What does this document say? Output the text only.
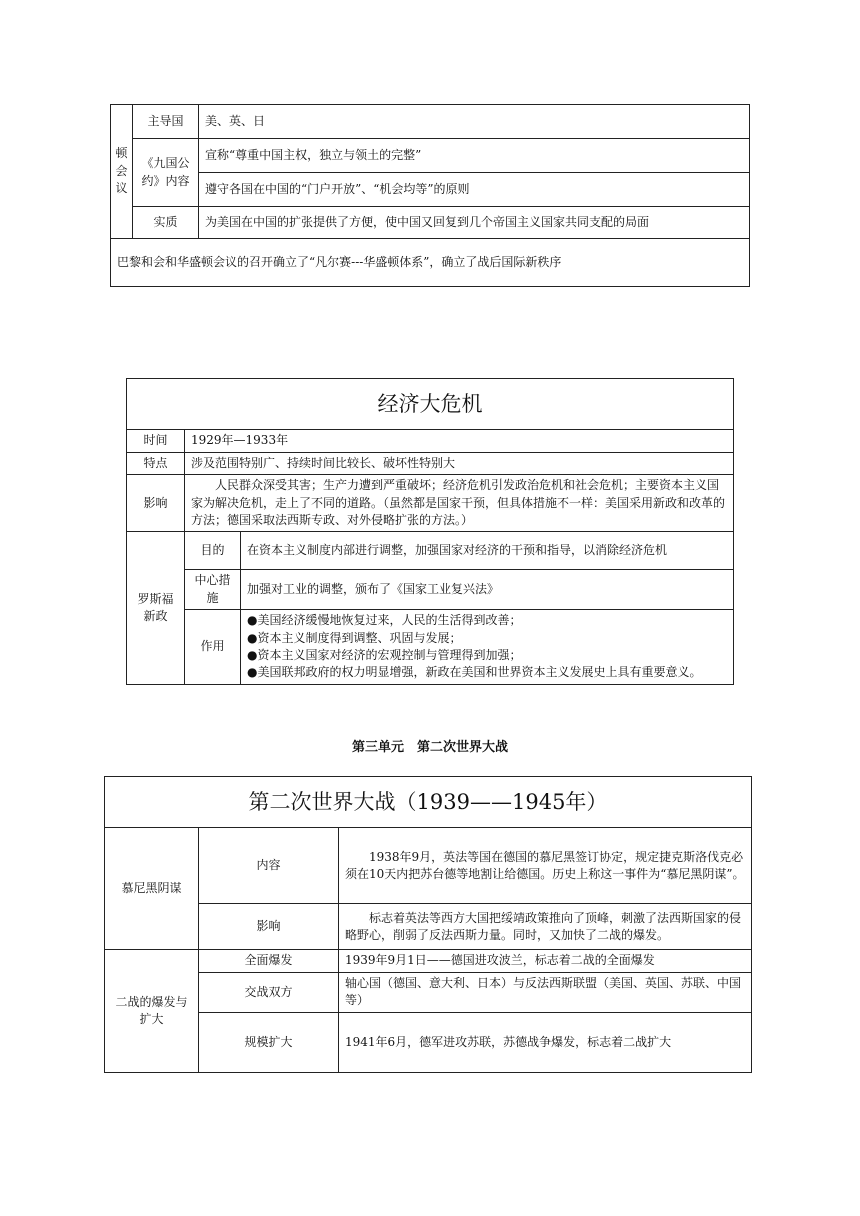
顿会议	主导国	美、英、日
	《九国公约》内容	宣称“尊重中国主权，独立与领土的完整”
		遵守各国在中国的“门户开放”、“机会均等”的原则
	实质	为美国在中国的扩张提供了方便，使中国又回复到几个帝国主义国家共同支配的局面
巴黎和会和华盛顿会议的召开确立了“凡尔赛---华盛顿体系”，确立了战后国际新秩序		
经济大危机		
时间	1929年—1933年	
特点	涉及范围特别广、持续时间比较长、破坏性特别大	
影响	人民群众深受其害；生产力遭到严重破坏；经济危机引发政治危机和社会危机；主要资本主义国家为解决危机，走上了不同的道路。（虽然都是国家干预，但具体措施不一样：美国采用新政和改革的方法；德国采取法西斯专政、对外侵略扩张的方法。）	
罗斯福新政	目的	在资本主义制度内部进行调整，加强国家对经济的干预和指导，以消除经济危机
	中心措施	加强对工业的调整，颁布了《国家工业复兴法》
	作用	●美国经济缓慢地恢复过来，人民的生活得到改善；
●资本主义制度得到调整、巩固与发展；
●资本主义国家对经济的宏观控制与管理得到加强；
●美国联邦政府的权力明显增强，新政在美国和世界资本主义发展史上具有重要意义。
第三单元　第二次世界大战
第二次世界大战（1939——1945年）		
慕尼黑阴谋	内容	1938年9月，英法等国在德国的慕尼黑签订协定，规定捷克斯洛伐克必须在10天内把苏台德等地割让给德国。历史上称这一事件为“慕尼黑阴谋”。
	影响	标志着英法等西方大国把绥靖政策推向了顶峰，刺激了法西斯国家的侵略野心，削弱了反法西斯力量。同时，又加快了二战的爆发。
二战的爆发与扩大	全面爆发	1939年9月1日——德国进攻波兰，标志着二战的全面爆发
	交战双方	轴心国（德国、意大利、日本）与反法西斯联盟（美国、英国、苏联、中国等）
	规模扩大	1941年6月，德军进攻苏联，苏德战争爆发，标志着二战扩大
